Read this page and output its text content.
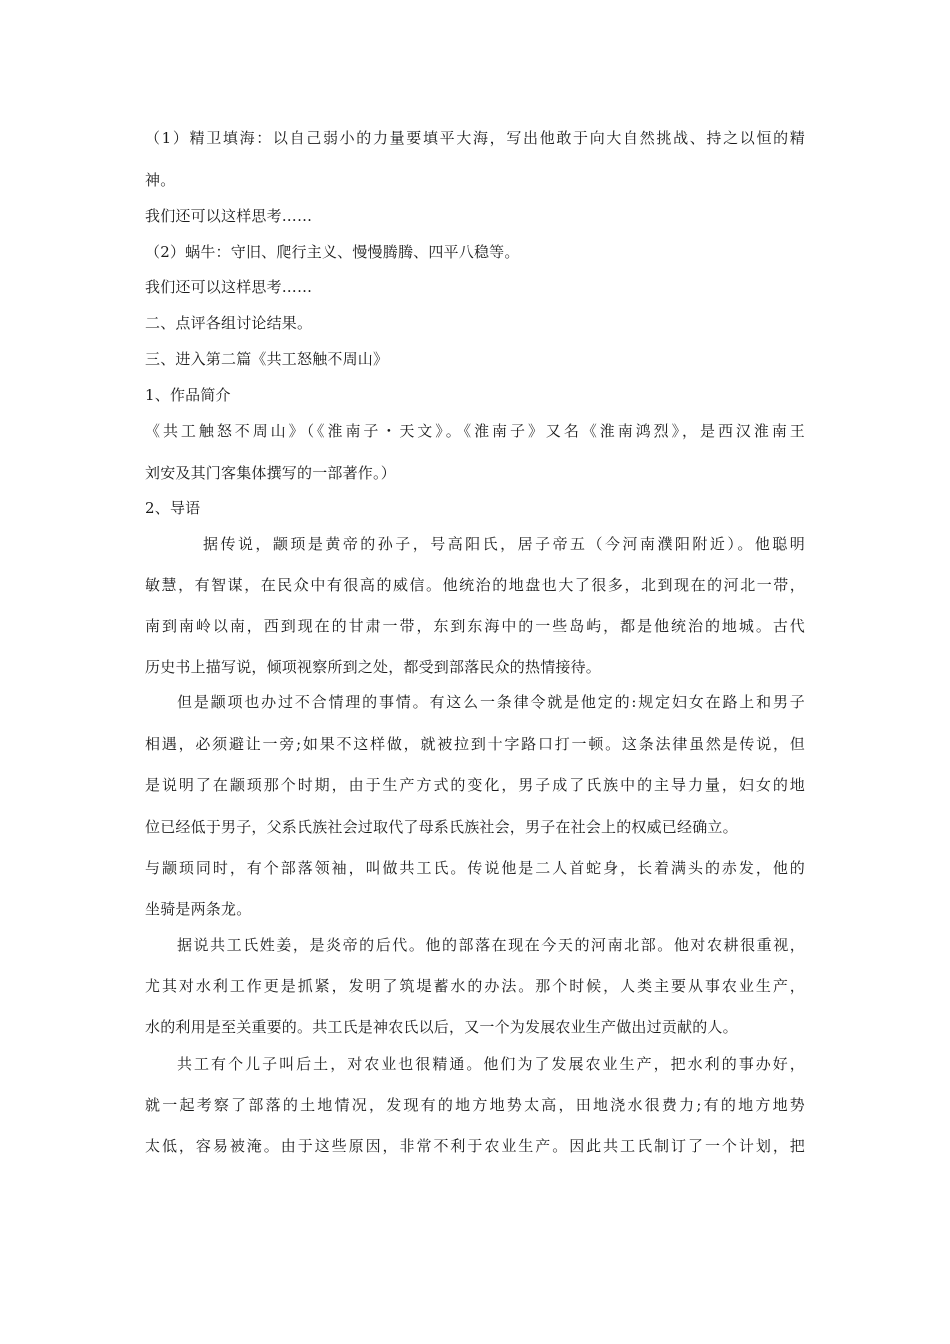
（1）精卫填海：以自己弱小的力量要填平大海，写出他敢于向大自然挑战、持之以恒的精
神。
我们还可以这样思考……
（2）蜗牛：守旧、爬行主义、慢慢腾腾、四平八稳等。
我们还可以这样思考……
二、点评各组讨论结果。
三、进入第二篇《共工怒触不周山》
1、作品简介
《共工触怒不周山》（《淮南子・天文》。《淮南子》又名《淮南鸿烈》，是西汉淮南王
刘安及其门客集体撰写的一部著作。）
2、导语
据传说，颛顼是黄帝的孙子，号高阳氏，居子帝五（今河南濮阳附近）。他聪明
敏慧，有智谋，在民众中有很高的威信。他统治的地盘也大了很多，北到现在的河北一带，
南到南岭以南，西到现在的甘肃一带，东到东海中的一些岛屿，都是他统治的地城。古代
历史书上描写说，倾项视察所到之处，都受到部落民众的热情接待。
但是颛项也办过不合情理的事情。有这么一条律令就是他定的:规定妇女在路上和男子
相遇，必须避让一旁;如果不这样做，就被拉到十字路口打一顿。这条法律虽然是传说，但
是说明了在颛顼那个时期，由于生产方式的变化，男子成了氏族中的主导力量，妇女的地
位已经低于男子，父系氏族社会过取代了母系氏族社会，男子在社会上的权威已经确立。
与颛顼同时，有个部落领袖，叫做共工氏。传说他是二人首蛇身，长着满头的赤发，他的
坐骑是两条龙。
据说共工氏姓姜，是炎帝的后代。他的部落在现在今天的河南北部。他对农耕很重视，
尤其对水利工作更是抓紧，发明了筑堤蓄水的办法。那个时候，人类主要从事农业生产，
水的利用是至关重要的。共工氏是神农氏以后，又一个为发展农业生产做出过贡献的人。
共工有个儿子叫后土，对农业也很精通。他们为了发展农业生产，把水利的事办好，
就一起考察了部落的土地情况，发现有的地方地势太高，田地浇水很费力;有的地方地势
太低，容易被淹。由于这些原因，非常不利于农业生产。因此共工氏制订了一个计划，把
